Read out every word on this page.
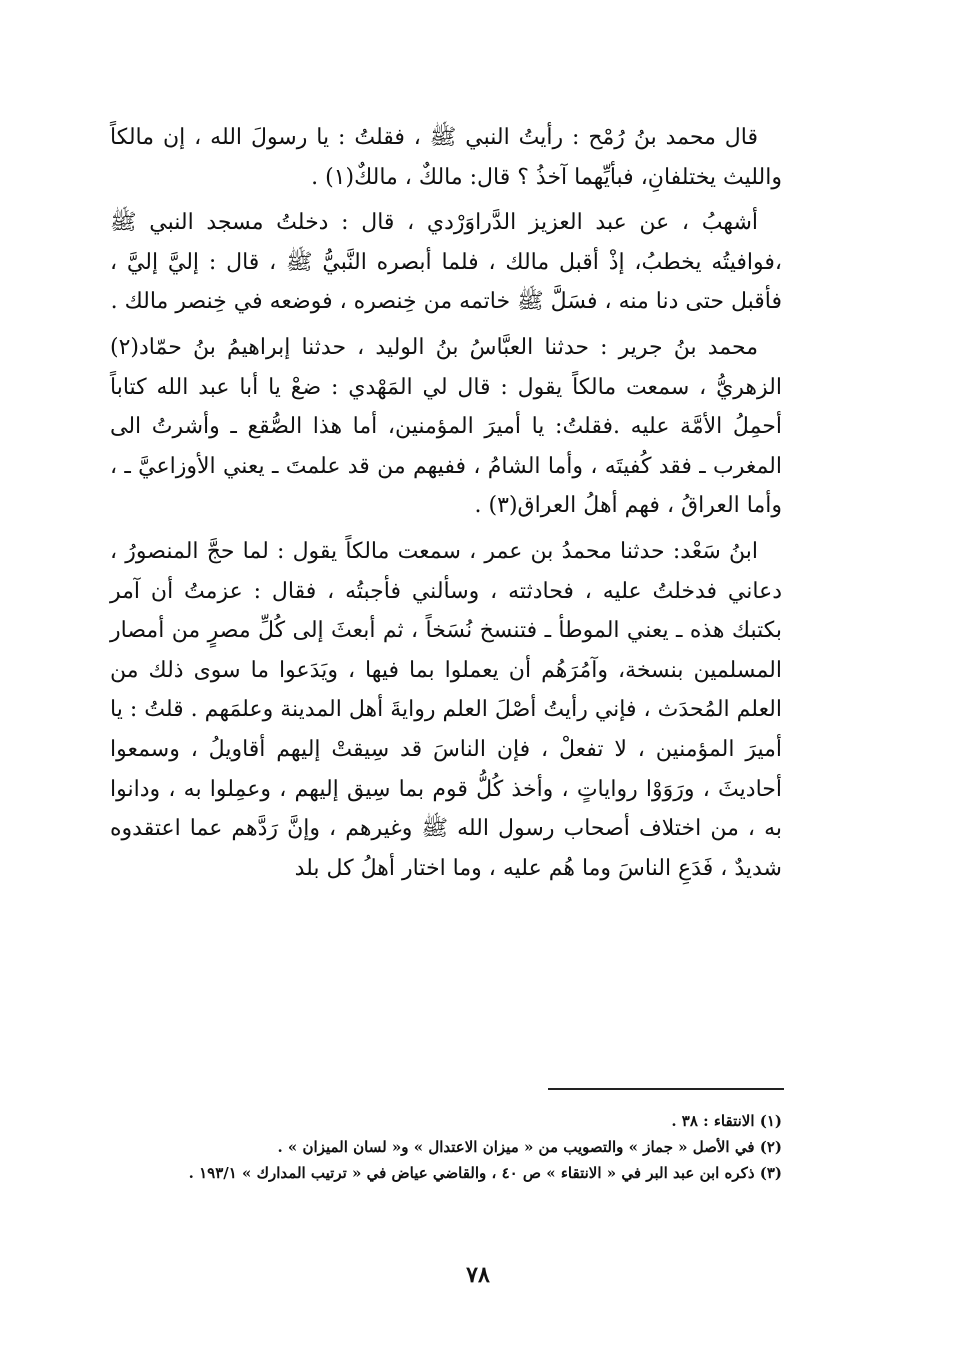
قال محمد بنُ رُمْح : رأيتُ النبي ﷺ ، فقلتُ : يا رسولَ الله ، إن مالكاً والليث يختلفانِ، فبأيِّهما آخذُ ؟ قال: مالكٌ ، مالكٌ(١) .

أشهبُ ، عن عبد العزيز الدَّراوَرْدي ، قال : دخلتُ مسجد النبي ﷺ ،فوافيتُه يخطبُ، إذْ أقبل مالك ، فلما أبصره النَّبيُّ ﷺ ، قال : إليَّ إليَّ ، فأقبل حتى دنا منه ، فسَلَّ ﷺ خاتمه من خِنصره ، فوضعه في خِنصر مالك .

محمد بنُ جرير : حدثنا العبَّاسُ بنُ الوليد ، حدثنا إبراهيمُ بنُ حمّاد(٢) الزهريُّ ، سمعت مالكاً يقول : قال لي المَهْدي : ضعْ يا أبا عبد الله كتاباً أحمِلُ الأمَّة عليه .فقلتُ: يا أميرَ المؤمنين، أما هذا الصُّقع ـ وأشرتُ الى المغرب ـ فقد كُفيتَه ، وأما الشامُ ، ففيهم من قد علمتَ ـ يعني الأوزاعيَّ ـ ، وأما العراقُ ، فهم أهلُ العراق(٣) .

ابنُ سَعْد: حدثنا محمدُ بن عمر ، سمعت مالكاً يقول : لما حجَّ المنصورُ ، دعاني فدخلتُ عليه ، فحادثته ، وسألني فأجبتُه ، فقال : عزمتُ أن آمر بكتبك هذه ـ يعني الموطأ ـ فتنسخ نُسَخاً ، ثم أبعثَ إلى كُلِّ مصرٍ من أمصار المسلمين بنسخة، وآمُرَهُم أن يعملوا بما فيها ، ويَدَعوا ما سوى ذلك من العلم المُحدَث ، فإني رأيتُ أصْلَ العلم روايةَ أهل المدينة وعلمَهم . قلتُ : يا أميرَ المؤمنين ، لا تفعلْ ، فإن الناسَ قد سِيقتْ إليهم أقاويلُ ، وسمعوا أحاديثَ ، ورَوَوْا رواياتٍ ، وأخذ كُلُّ قوم بما سِيق إليهم ، وعمِلوا به ، ودانوا به ، من اختلاف أصحاب رسول الله ﷺ وغيرهم ، وإنَّ رَدَّهم عما اعتقدوه شديدٌ ، فَدَعِ الناسَ وما هُم عليه ، وما اختار أهلُ كل بلد

(١) الانتقاء : ٣٨ .

(٢) في الأصل « جماز » والتصويب من « ميزان الاعتدال » و« لسان الميزان » .

(٣) ذكره ابن عبد البر في « الانتقاء » ص ٤٠ ، والقاضي عياض في « ترتيب المدارك » ١٩٣/١ .

٧٨
